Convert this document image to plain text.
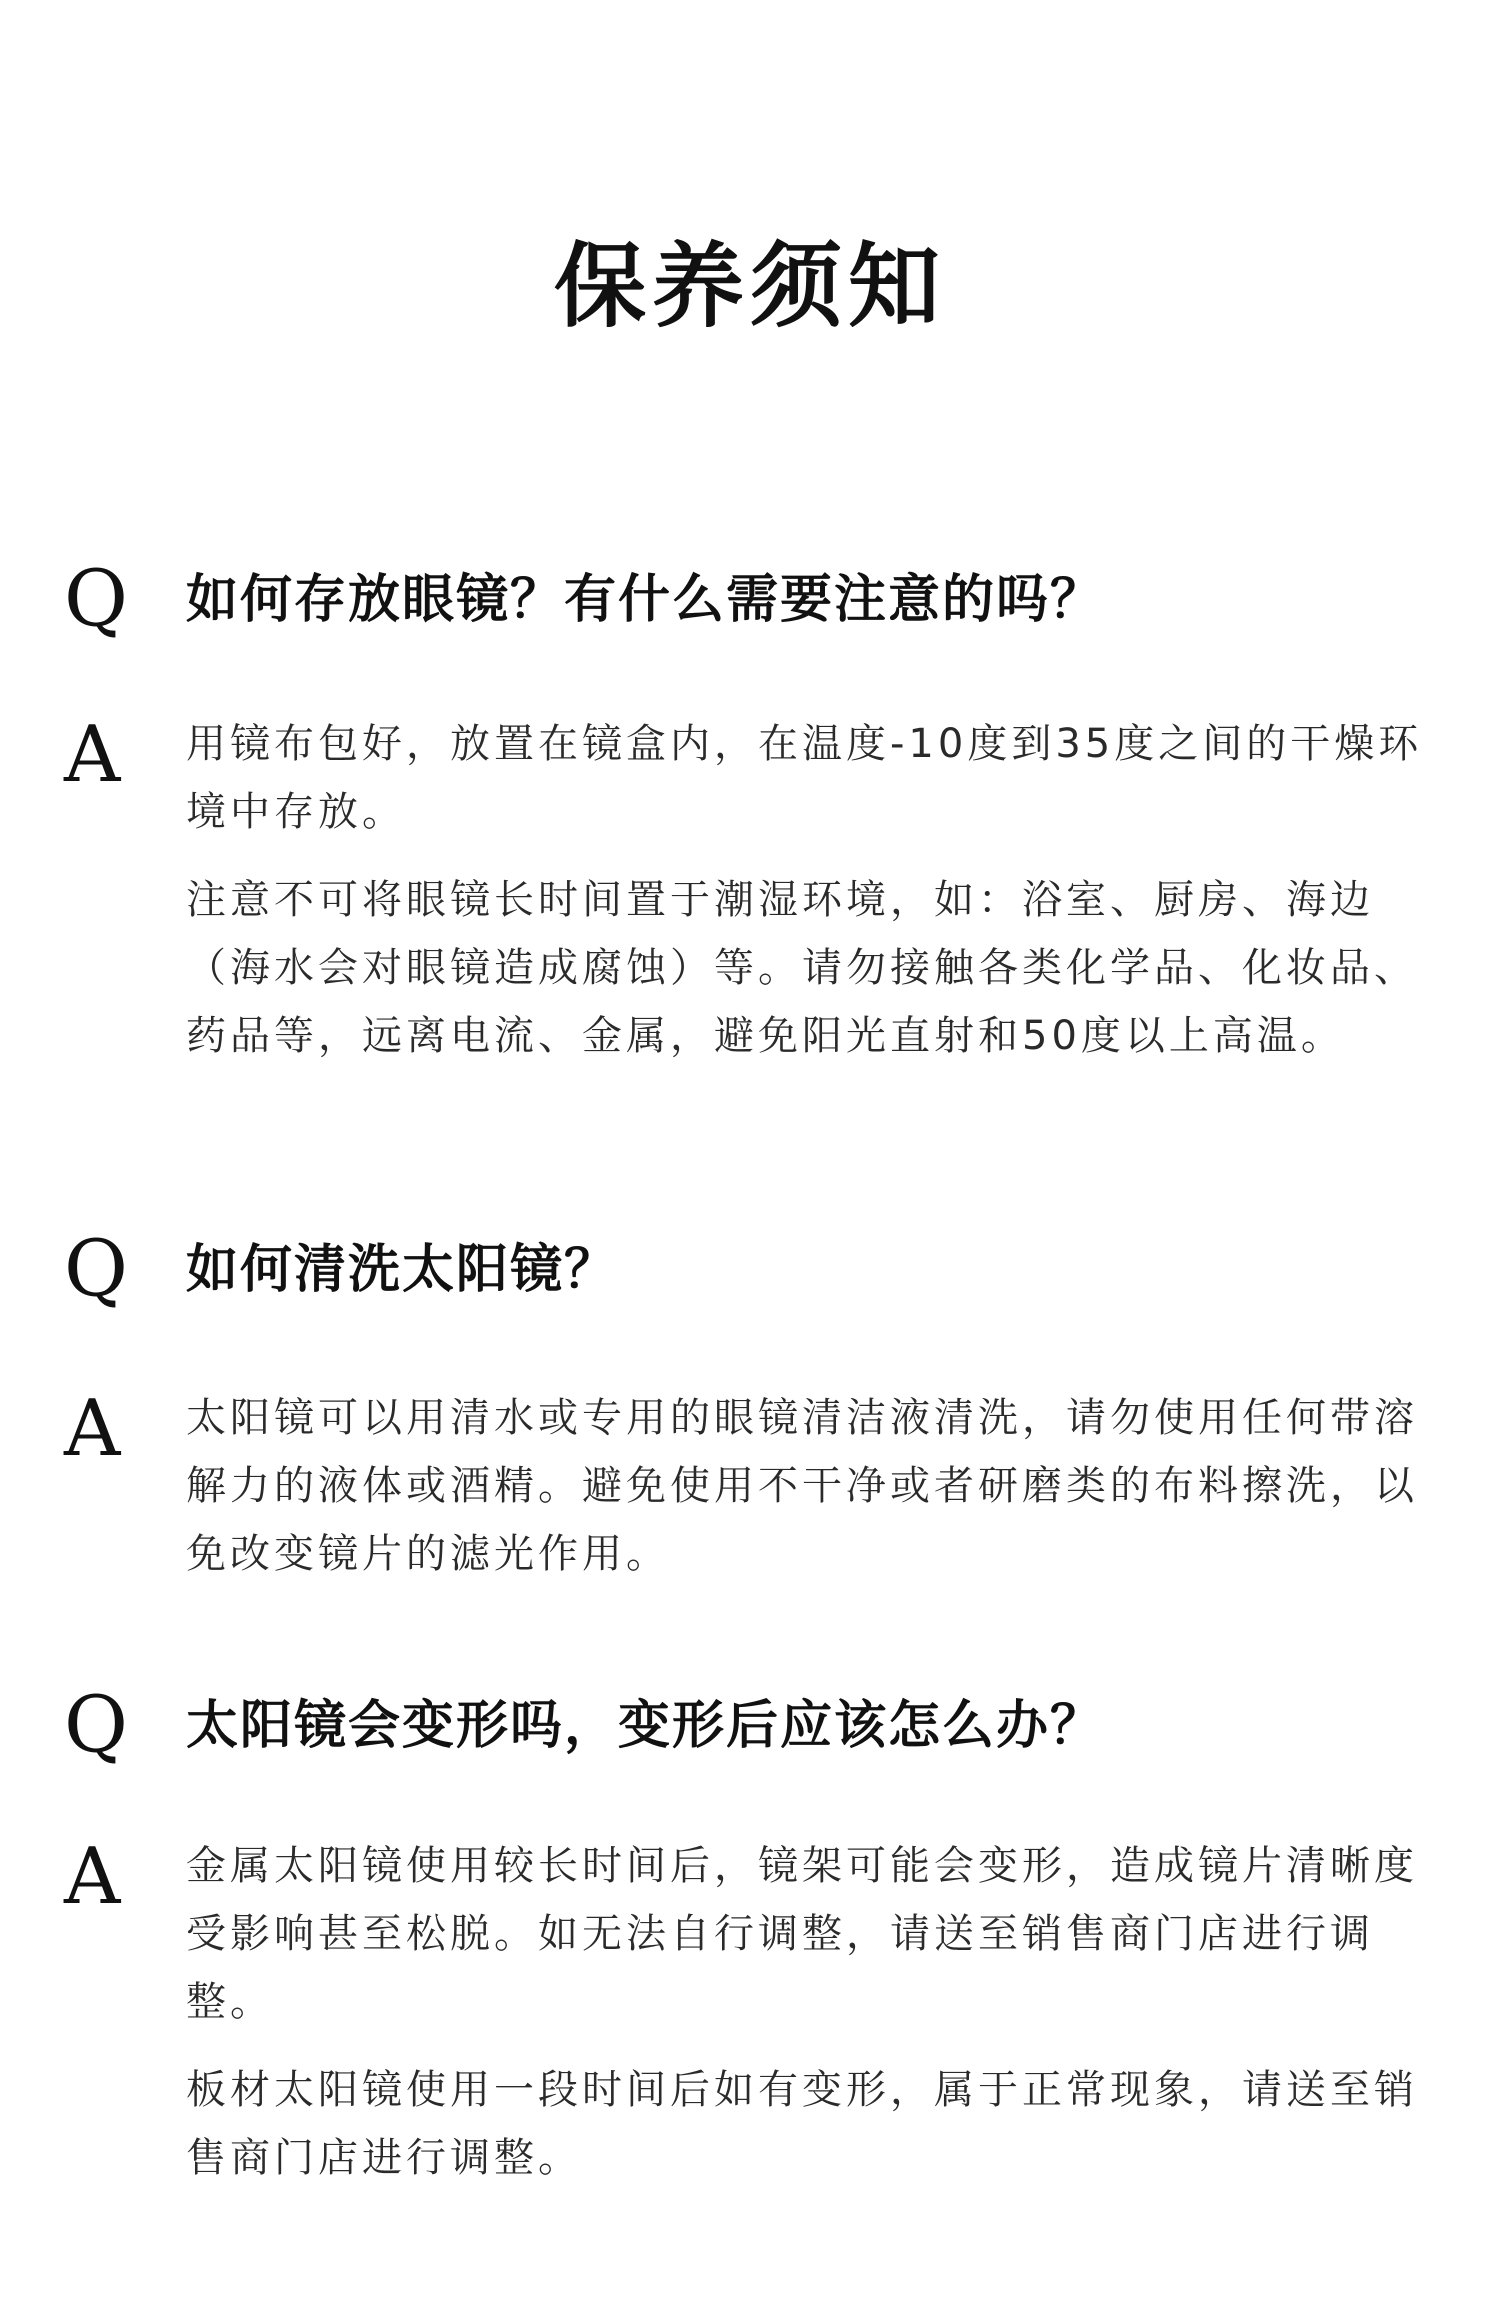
保养须知
Q	如何存放眼镜？有什么需要注意的吗？
A	用镜布包好，放置在镜盒内，在温度-10度到35度之间的干燥环境中存放。

注意不可将眼镜长时间置于潮湿环境，如：浴室、厨房、海边（海水会对眼镜造成腐蚀）等。请勿接触各类化学品、化妆品、药品等，远离电流、金属，避免阳光直射和50度以上高温。

Q	如何清洗太阳镜？
A	太阳镜可以用清水或专用的眼镜清洁液清洗，请勿使用任何带溶解力的液体或酒精。避免使用不干净或者研磨类的布料擦洗，以免改变镜片的滤光作用。

Q	太阳镜会变形吗，变形后应该怎么办？
A	金属太阳镜使用较长时间后，镜架可能会变形，造成镜片清晰度受影响甚至松脱。如无法自行调整，请送至销售商门店进行调整。

板材太阳镜使用一段时间后如有变形，属于正常现象，请送至销售商门店进行调整。
